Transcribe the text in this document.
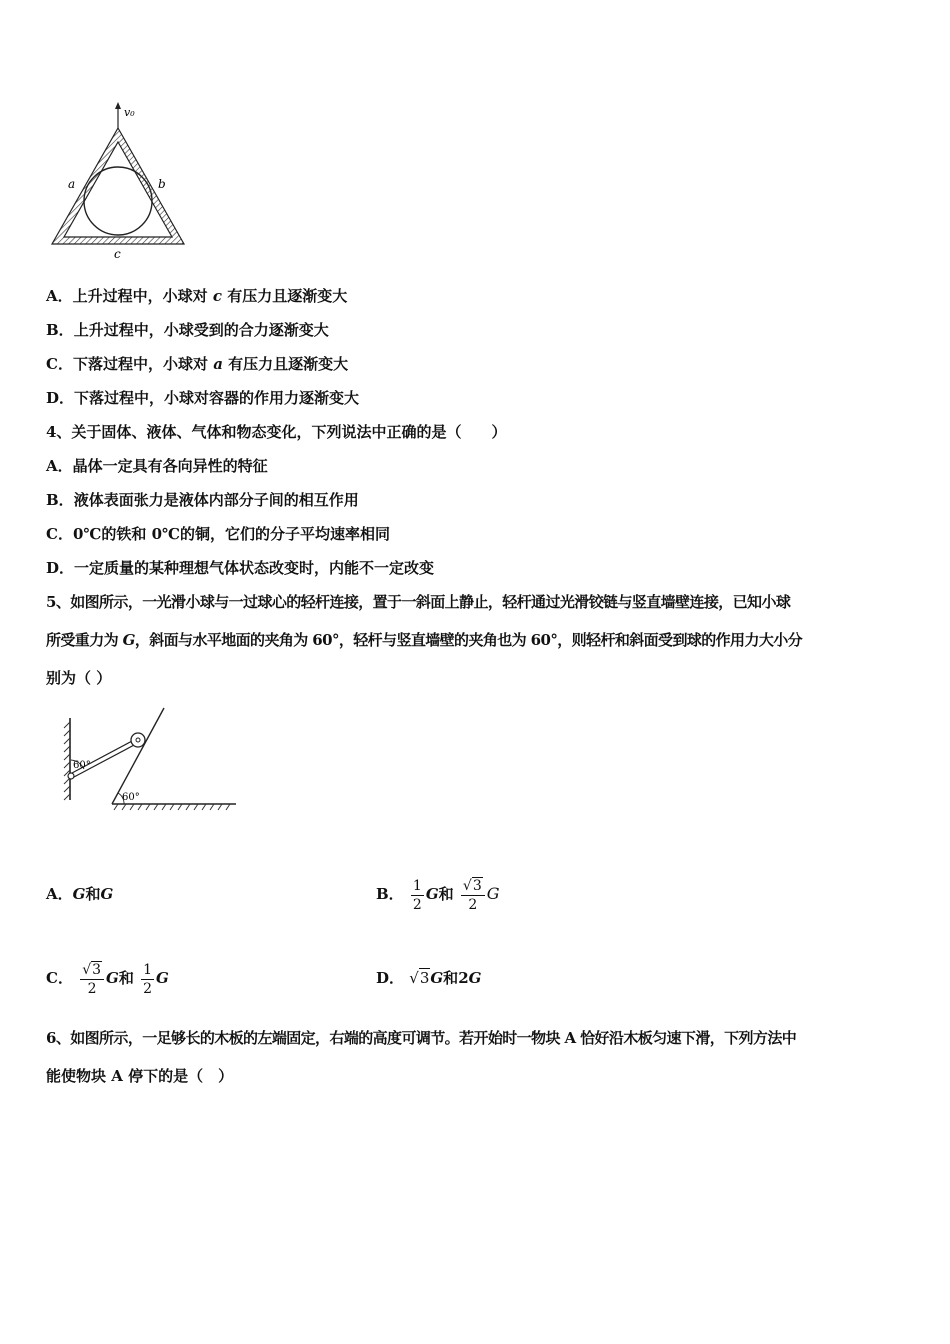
v₀
a	b
c
A．上升过程中，小球对 c 有压力且逐渐变大
B．上升过程中，小球受到的合力逐渐变大
C．下落过程中，小球对 a 有压力且逐渐变大
D．下落过程中，小球对容器的作用力逐渐变大
4、关于固体、液体、气体和物态变化，下列说法中正确的是（　　）
A．晶体一定具有各向异性的特征
B．液体表面张力是液体内部分子间的相互作用
C．0℃的铁和 0℃的铜，它们的分子平均速率相同
D．一定质量的某种理想气体状态改变时，内能不一定改变
5、如图所示，一光滑小球与一过球心的轻杆连接，置于一斜面上静止，轻杆通过光滑铰链与竖直墙壁连接，已知小球
所受重力为 G，斜面与水平地面的夹角为 60°，轻杆与竖直墙壁的夹角也为 60°，则轻杆和斜面受到球的作用力大小分
别为（ ）
60°
60°
A．G和G	B． $\frac{1}{2}$ G和 $\frac{√3}{2}$ G
C． $\frac{√3}{2}$ G和 $\frac{1}{2}$ G	D． √3G和2G
6、如图所示，一足够长的木板的左端固定，右端的高度可调节。若开始时一物块 A 恰好沿木板匀速下滑，下列方法中
能使物块 A 停下的是（　）
